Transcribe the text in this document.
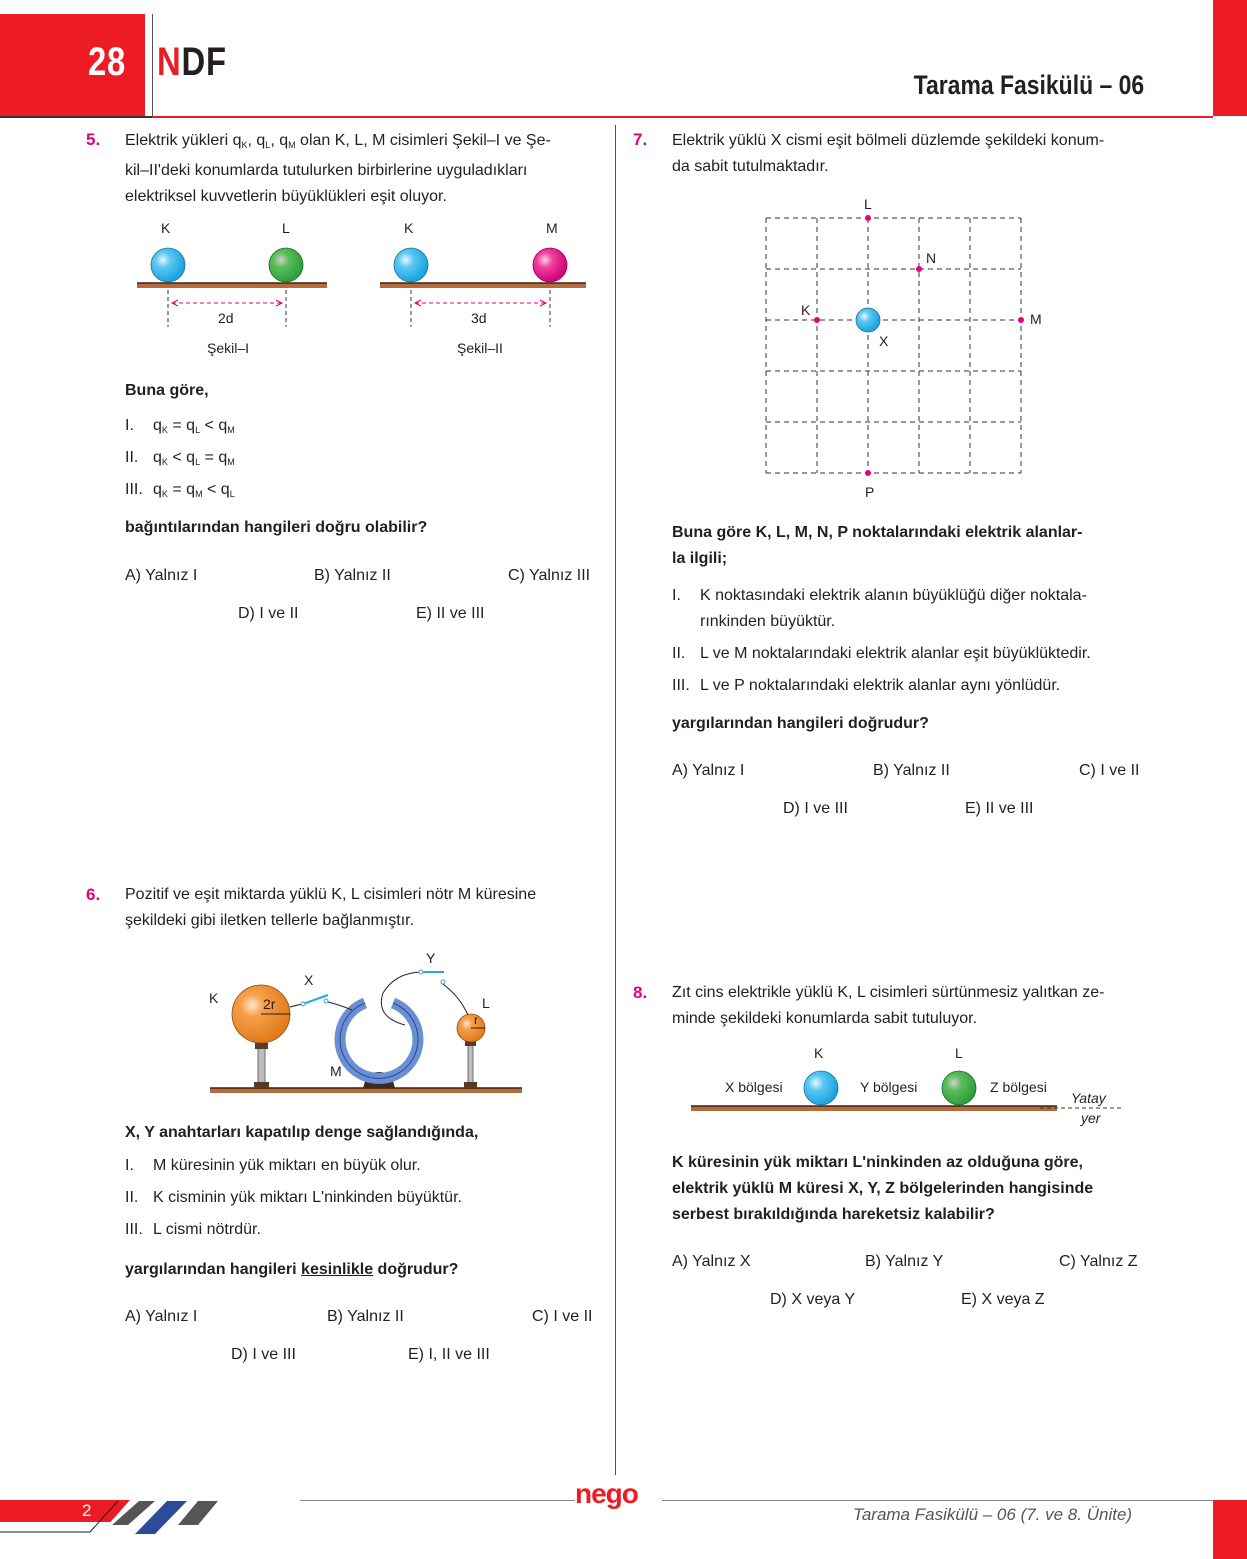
28 NDF
Tarama Fasikülü – 06
5. Elektrik yükleri $q_K$, $q_L$, $q_M$ olan K, L, M cisimleri Şekil–I ve Şe-
kil–II'deki konumlarda tutulurken birbirlerine uyguladıkları
elektriksel kuvvetlerin büyüklükleri eşit oluyor.
K	L
2d
Şekil–I
K	M
3d
Şekil–II
Buna göre,
I. $q_K = q_L < q_M$
II. $q_K < q_L = q_M$
III. $q_K = q_M < q_L$
bağıntılarından hangileri doğru olabilir?
A) Yalnız I	B) Yalnız II	C) Yalnız III
D) I ve II	E) II ve III
6. Pozitif ve eşit miktarda yüklü K, L cisimleri nötr M küresine
şekildeki gibi iletken tellerle bağlanmıştır.
K	2r
X
Y
L
r
M
X, Y anahtarları kapatılıp denge sağlandığında,
I. M küresinin yük miktarı en büyük olur.
II. K cisminin yük miktarı L'ninkinden büyüktür.
III. L cismi nötrdür.
yargılarından hangileri kesinlikle doğrudur?
A) Yalnız I	B) Yalnız II	C) I ve II
D) I ve III	E) I, II ve III
7. Elektrik yüklü X cismi eşit bölmeli düzlemde şekildeki konum-
da sabit tutulmaktadır.
L
N
K
M
P
X
Buna göre K, L, M, N, P noktalarındaki elektrik alanlar-
la ilgili;
I. K noktasındaki elektrik alanın büyüklüğü diğer noktala-
rınkinden büyüktür.
II. L ve M noktalarındaki elektrik alanlar eşit büyüklüktedir.
III. L ve P noktalarındaki elektrik alanlar aynı yönlüdür.
yargılarından hangileri doğrudur?
A) Yalnız I	B) Yalnız II	C) I ve II
D) I ve III	E) II ve III
8. Zıt cins elektrikle yüklü K, L cisimleri sürtünmesiz yalıtkan ze-
minde şekildeki konumlarda sabit tutuluyor.
K	L
X bölgesi	Y bölgesi	Z bölgesi
Yatay
yer
K küresinin yük miktarı L'ninkinden az olduğuna göre,
elektrik yüklü M küresi X, Y, Z bölgelerinden hangisinde
serbest bırakıldığında hareketsiz kalabilir?
A) Yalnız X	B) Yalnız Y	C) Yalnız Z
D) X veya Y	E) X veya Z
2
nego
Tarama Fasikülü – 06 (7. ve 8. Ünite)
